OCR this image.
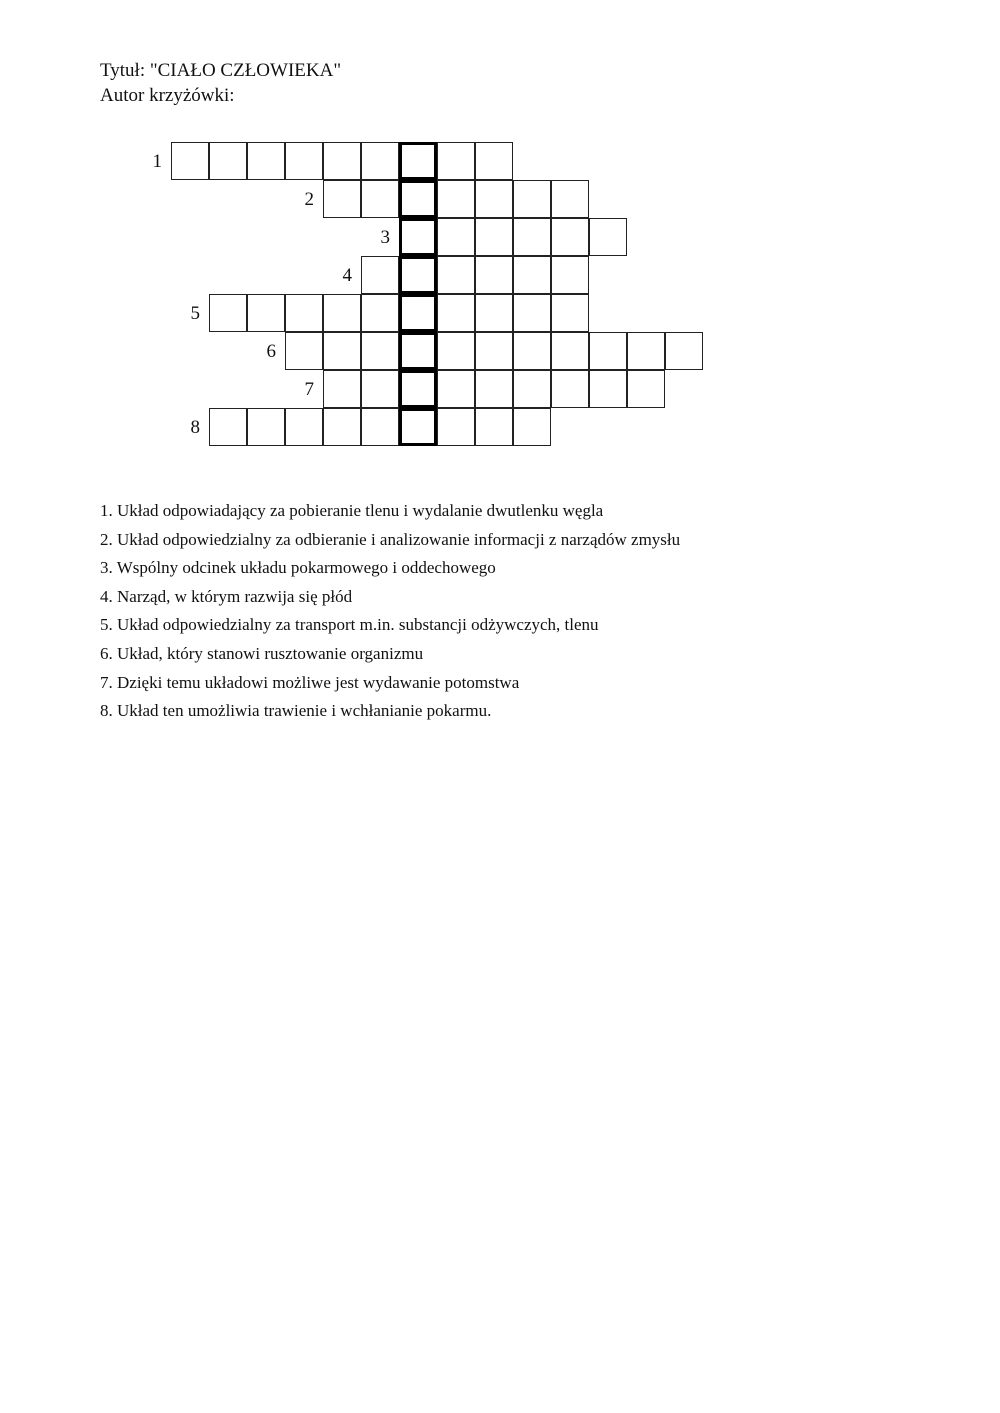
Tytuł: "CIAŁO CZŁOWIEKA"
Autor krzyżówki:
1
2
3
4
5
6
7
8
1. Układ odpowiadający za pobieranie tlenu i wydalanie dwutlenku węgla
2. Układ odpowiedzialny za odbieranie i analizowanie informacji z narządów zmysłu
3. Wspólny odcinek układu pokarmowego i oddechowego
4. Narząd, w którym razwija się płód
5. Układ odpowiedzialny za transport m.in. substancji odżywczych, tlenu
6. Układ, który stanowi rusztowanie organizmu
7. Dzięki temu układowi możliwe jest wydawanie potomstwa
8. Układ ten umożliwia trawienie i wchłanianie pokarmu.
